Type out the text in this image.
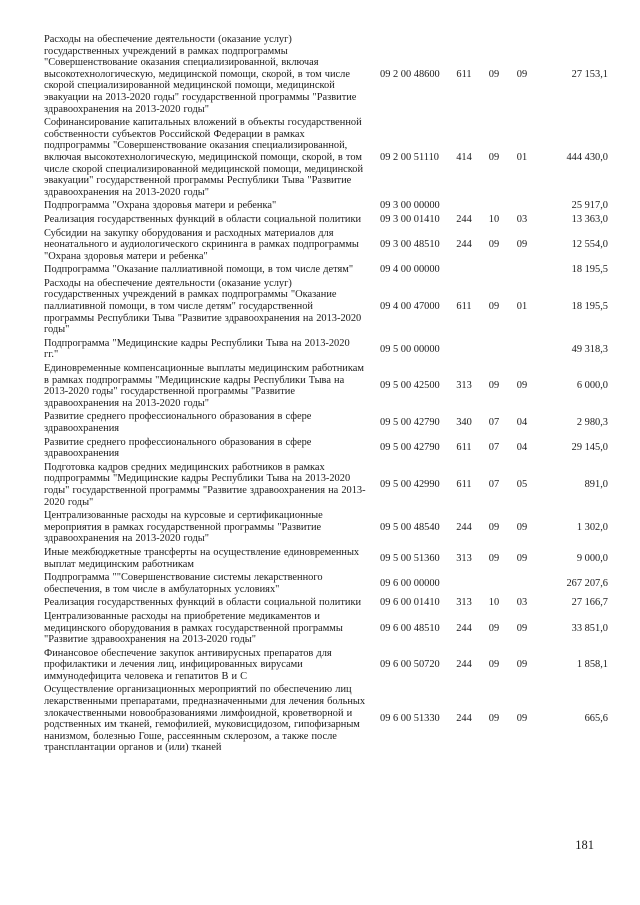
Расходы на обеспечение деятельности (оказание услуг) государственных учреждений в рамках подпрограммы "Совершенствование оказания специализированной, включая высокотехнологическую, медицинской помощи, скорой, в том числе скорой специализированной медицинской помощи, медицинской эвакуации на 2013-2020 годы" государственной программы "Развитие здравоохранения на 2013-2020 годы"
09 2 00 48600	611	09	09	27 153,1
Софинансирование капитальных вложений в объекты государственной собственности субъектов Российской Федерации в рамках подпрограммы "Совершенствование оказания специализированной, включая высокотехнологическую, медицинской помощи, скорой, в том числе скорой специализированной медицинской помощи, медицинской эвакуации" государственной программы Республики Тыва "Развитие здравоохранения на 2013-2020 годы"
09 2 00 51110	414	09	01	444 430,0
Подпрограмма "Охрана здоровья матери и ребенка"	09 3 00 00000	25 917,0
Реализация государственных функций в области социальной политики	09 3 00 01410	244	10	03	13 363,0
Субсидии на закупку оборудования и расходных материалов для неонатального и аудиологического скрининга в рамках подпрограммы "Охрана здоровья матери и ребенка"
09 3 00 48510	244	09	09	12 554,0
Подпрограмма "Оказание паллиативной помощи, в том числе детям"	09 4 00 00000	18 195,5
Расходы на обеспечение деятельности (оказание услуг) государственных учреждений в рамках подпрограммы "Оказание паллиативной помощи, в том числе детям" государственной программы Республики Тыва "Развитие здравоохранения на 2013-2020 годы"
09 4 00 47000	611	09	01	18 195,5
Подпрограмма "Медицинские кадры Республики Тыва на 2013-2020 гг."
09 5 00 00000	49 318,3
Единовременные компенсационные выплаты медицинским работникам в рамках подпрограммы "Медицинские кадры Республики Тыва на 2013-2020 годы" государственной программы "Развитие здравоохранения на 2013-2020 годы"
09 5 00 42500	313	09	09	6 000,0
Развитие среднего профессионального образования в сфере здравоохранения
09 5 00 42790	340	07	04	2 980,3
Развитие среднего профессионального образования в сфере здравоохранения
09 5 00 42790	611	07	04	29 145,0
Подготовка кадров средних медицинских работников в рамках подпрограммы "Медицинские кадры Республики Тыва на 2013-2020 годы" государственной программы "Развитие здравоохранения на 2013-2020 годы"
09 5 00 42990	611	07	05	891,0
Централизованные расходы на курсовые и сертификационные мероприятия в рамках государственной программы "Развитие здравоохранения на 2013-2020 годы"
09 5 00 48540	244	09	09	1 302,0
Иные межбюджетные трансферты на осуществление единовременных выплат медицинским работникам
09 5 00 51360	313	09	09	9 000,0
Подпрограмма ""Совершенствование системы лекарственного обеспечения, в том числе в амбулаторных условиях"
09 6 00 00000	267 207,6
Реализация государственных функций в области социальной политики	09 6 00 01410	313	10	03	27 166,7
Централизованные расходы на приобретение медикаментов и медицинского оборудования в рамках государственной программы "Развитие здравоохранения на 2013-2020 годы"
09 6 00 48510	244	09	09	33 851,0
Финансовое обеспечение закупок антивирусных препаратов для профилактики и лечения лиц, инфицированных вирусами иммунодефицита человека и гепатитов В и С
09 6 00 50720	244	09	09	1 858,1
Осуществление организационных мероприятий по обеспечению лиц лекарственными препаратами, предназначенными для лечения больных злокачественными новообразованиями лимфоидной, кроветворной и родственных им тканей, гемофилией, муковисцидозом, гипофизарным нанизмом, болезнью Гоше, рассеянным склерозом, а также после трансплантации органов и (или) тканей
09 6 00 51330	244	09	09	665,6
181
